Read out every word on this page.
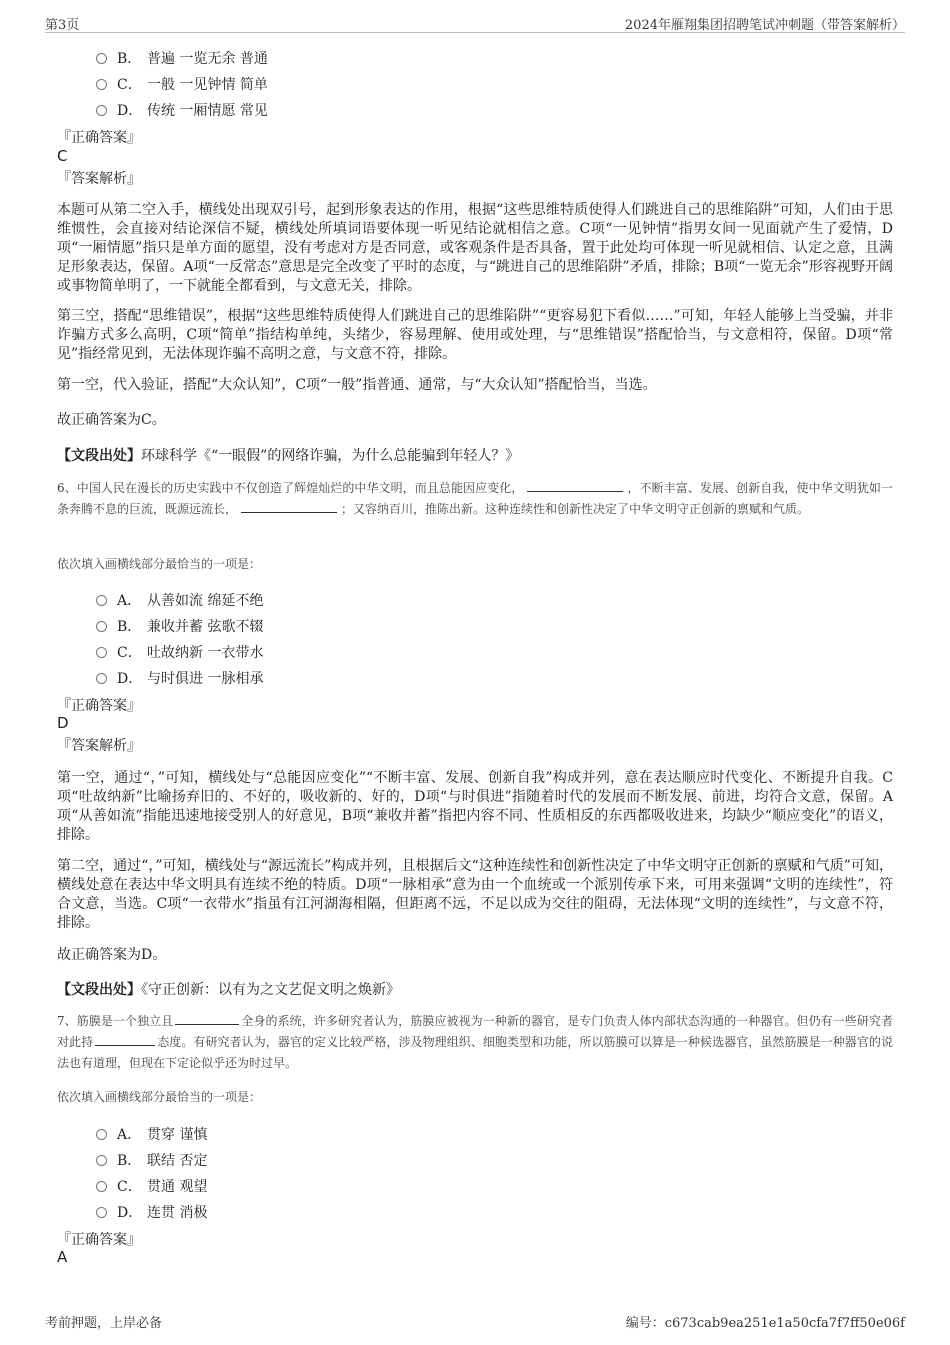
第3页	2024年雁翔集团招聘笔试冲刺题（带答案解析）
B． 普遍 一览无余 普通
C． 一般 一见钟情 简单
D． 传统 一厢情愿 常见
『正确答案』
C
『答案解析』
本题可从第二空入手，横线处出现双引号，起到形象表达的作用，根据“这些思维特质使得人们跳进自己的思维陷阱”可知，人们由于思维惯性，会直接对结论深信不疑，横线处所填词语要体现一听见结论就相信之意。C项“一见钟情”指男女间一见面就产生了爱情，D项“一厢情愿”指只是单方面的愿望，没有考虑对方是否同意，或客观条件是否具备，置于此处均可体现一听见就相信、认定之意，且满足形象表达，保留。A项“一反常态”意思是完全改变了平时的态度，与“跳进自己的思维陷阱”矛盾，排除；B项“一览无余”形容视野开阔或事物简单明了，一下就能全都看到，与文意无关，排除。
第三空，搭配“思维错误”，根据“这些思维特质使得人们跳进自己的思维陷阱”“更容易犯下看似……”可知，年轻人能够上当受骗，并非诈骗方式多么高明，C项“简单”指结构单纯，头绪少，容易理解、使用或处理，与“思维错误”搭配恰当，与文意相符，保留。D项“常见”指经常见到，无法体现诈骗不高明之意，与文意不符，排除。
第一空，代入验证，搭配“大众认知”，C项“一般”指普通、通常，与“大众认知”搭配恰当，当选。
故正确答案为C。
【文段出处】环球科学《“一眼假”的网络诈骗，为什么总能骗到年轻人？》
6、中国人民在漫长的历史实践中不仅创造了辉煌灿烂的中华文明，而且总能因应变化，	，不断丰富、发展、创新自我，使中华文明犹如一条奔腾不息的巨流，既源远流长，	；又容纳百川，推陈出新。这种连续性和创新性决定了中华文明守正创新的禀赋和气质。
依次填入画横线部分最恰当的一项是：
A． 从善如流 绵延不绝
B． 兼收并蓄 弦歌不辍
C． 吐故纳新 一衣带水
D． 与时俱进 一脉相承
『正确答案』
D
『答案解析』
第一空，通过“，”可知，横线处与“总能因应变化”“不断丰富、发展、创新自我”构成并列，意在表达顺应时代变化、不断提升自我。C项“吐故纳新”比喻扬弃旧的、不好的，吸收新的、好的，D项“与时俱进”指随着时代的发展而不断发展、前进，均符合文意，保留。A项“从善如流”指能迅速地接受别人的好意见，B项“兼收并蓄”指把内容不同、性质相反的东西都吸收进来，均缺少“顺应变化”的语义，排除。
第二空，通过“，”可知，横线处与“源远流长”构成并列，且根据后文“这种连续性和创新性决定了中华文明守正创新的禀赋和气质”可知，横线处意在表达中华文明具有连续不绝的特质。D项“一脉相承”意为由一个血统或一个派别传承下来，可用来强调“文明的连续性”，符合文意，当选。C项“一衣带水”指虽有江河湖海相隔，但距离不远，不足以成为交往的阻碍，无法体现“文明的连续性”，与文意不符，排除。
故正确答案为D。
【文段出处】《守正创新：以有为之文艺促文明之焕新》
7、筋膜是一个独立且	全身的系统，许多研究者认为，筋膜应被视为一种新的器官，是专门负责人体内部状态沟通的一种器官。但仍有一些研究者对此持	态度。有研究者认为，器官的定义比较严格，涉及物理组织、细胞类型和功能，所以筋膜可以算是一种候选器官，虽然筋膜是一种器官的说法也有道理，但现在下定论似乎还为时过早。
依次填入画横线部分最恰当的一项是：
A． 贯穿 谨慎
B． 联结 否定
C． 贯通 观望
D． 连贯 消极
『正确答案』
A
考前押题，上岸必备	编号：c673cab9ea251e1a50cfa7f7ff50e06f
